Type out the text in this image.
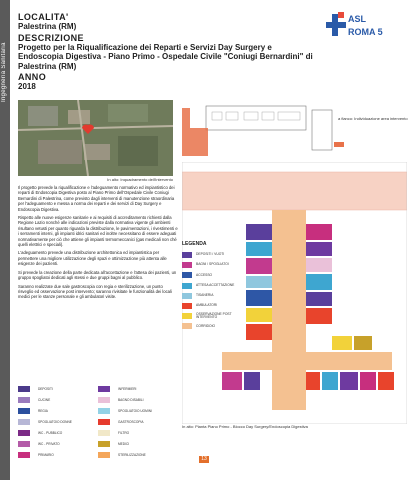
Ingegneria Sanitaria
LOCALITA'
Palestrina (RM)
DESCRIZIONE
Progetto per la Riqualificazione dei Reparti e Servizi Day Surgery e Endoscopia Digestiva - Piano Primo - Ospedale Civile "Coniugi Bernardini" di Palestrina (RM)
ANNO
2018
ASL
ROMA 5
In alto: Inquadramento dell'intervento

Il progetto prevede la riqualificazione e l'adeguamento normativo ed impiantistico dei reparti di Endoscopia Digestiva posto al Piano Primo dell'Ospedale Civile Coniugi Bernardini di Palestrina, come previsto dagli interventi di manutenzione straordinaria per l'adeguamento e messa a norma dei reparti e dei servizi di Day Surgery e Endoscopia Digestiva.

Rispetto alle nuove esigenze sanitarie e ai requisiti di accreditamento richiesti dalla Regione Lazio nonché alle indicazioni previste dalla normativa vigente gli ambienti risultano vetusti per quanto riguarda la distribuzione, le pavimentazioni, i rivestimenti e i serramenti interni, gli impianti idrici sanitari ed inoltre necessitano di essere adeguati normativamente per ciò che attiene gli impianti termomeccanici (gas medicali non ché quelli elettrici e speciali).

L'adeguamento prevede una distribuzione architettonica ed impiantistica per permettere una migliore utilizzazione degli spazi e ottimizzazione più attenta alle esigenze dei pazienti.

Si prevede la creazione della parte dedicata all'accettazione e l'attesa dei pazienti, un gruppo spogliatoi dedicati agli stessi e due gruppi bagni al pubblico.

Saranno realizzate due sale gastroscopia con regia e sterilizzazione, un punto risveglio ed osservazione post intervento; saranno rivisitate le funzionalità dei locali medici per le stanze personale e gli ambulatori visite.

a fianco: Individuazione area intervento
LEGENDA
DEPOSITI / VUOTI
BAGNI / SPOGLIATOI
ACCESSO
ATTESA ACCETTAZIONE
TISANERIA
AMBULATORI
OSSERVAZIONE POST INTERVENTO
CORRIDOIO
DEPOSITI
CUCINE
REGIA
SPOGLIATOIO DONNE
WC - PUBBLICO
WC - PRIVATO
PRIMARIO
INFERMIERI
BAGNO DISABILI
SPOGLIATOIO UOMINI
GASTROSCOPIA
FILTRO
MEDICI
STERILIZZAZIONE
In alto: Pianta Piano Primo - Blocco Day Surgery/Endoscopia Digestiva
13
